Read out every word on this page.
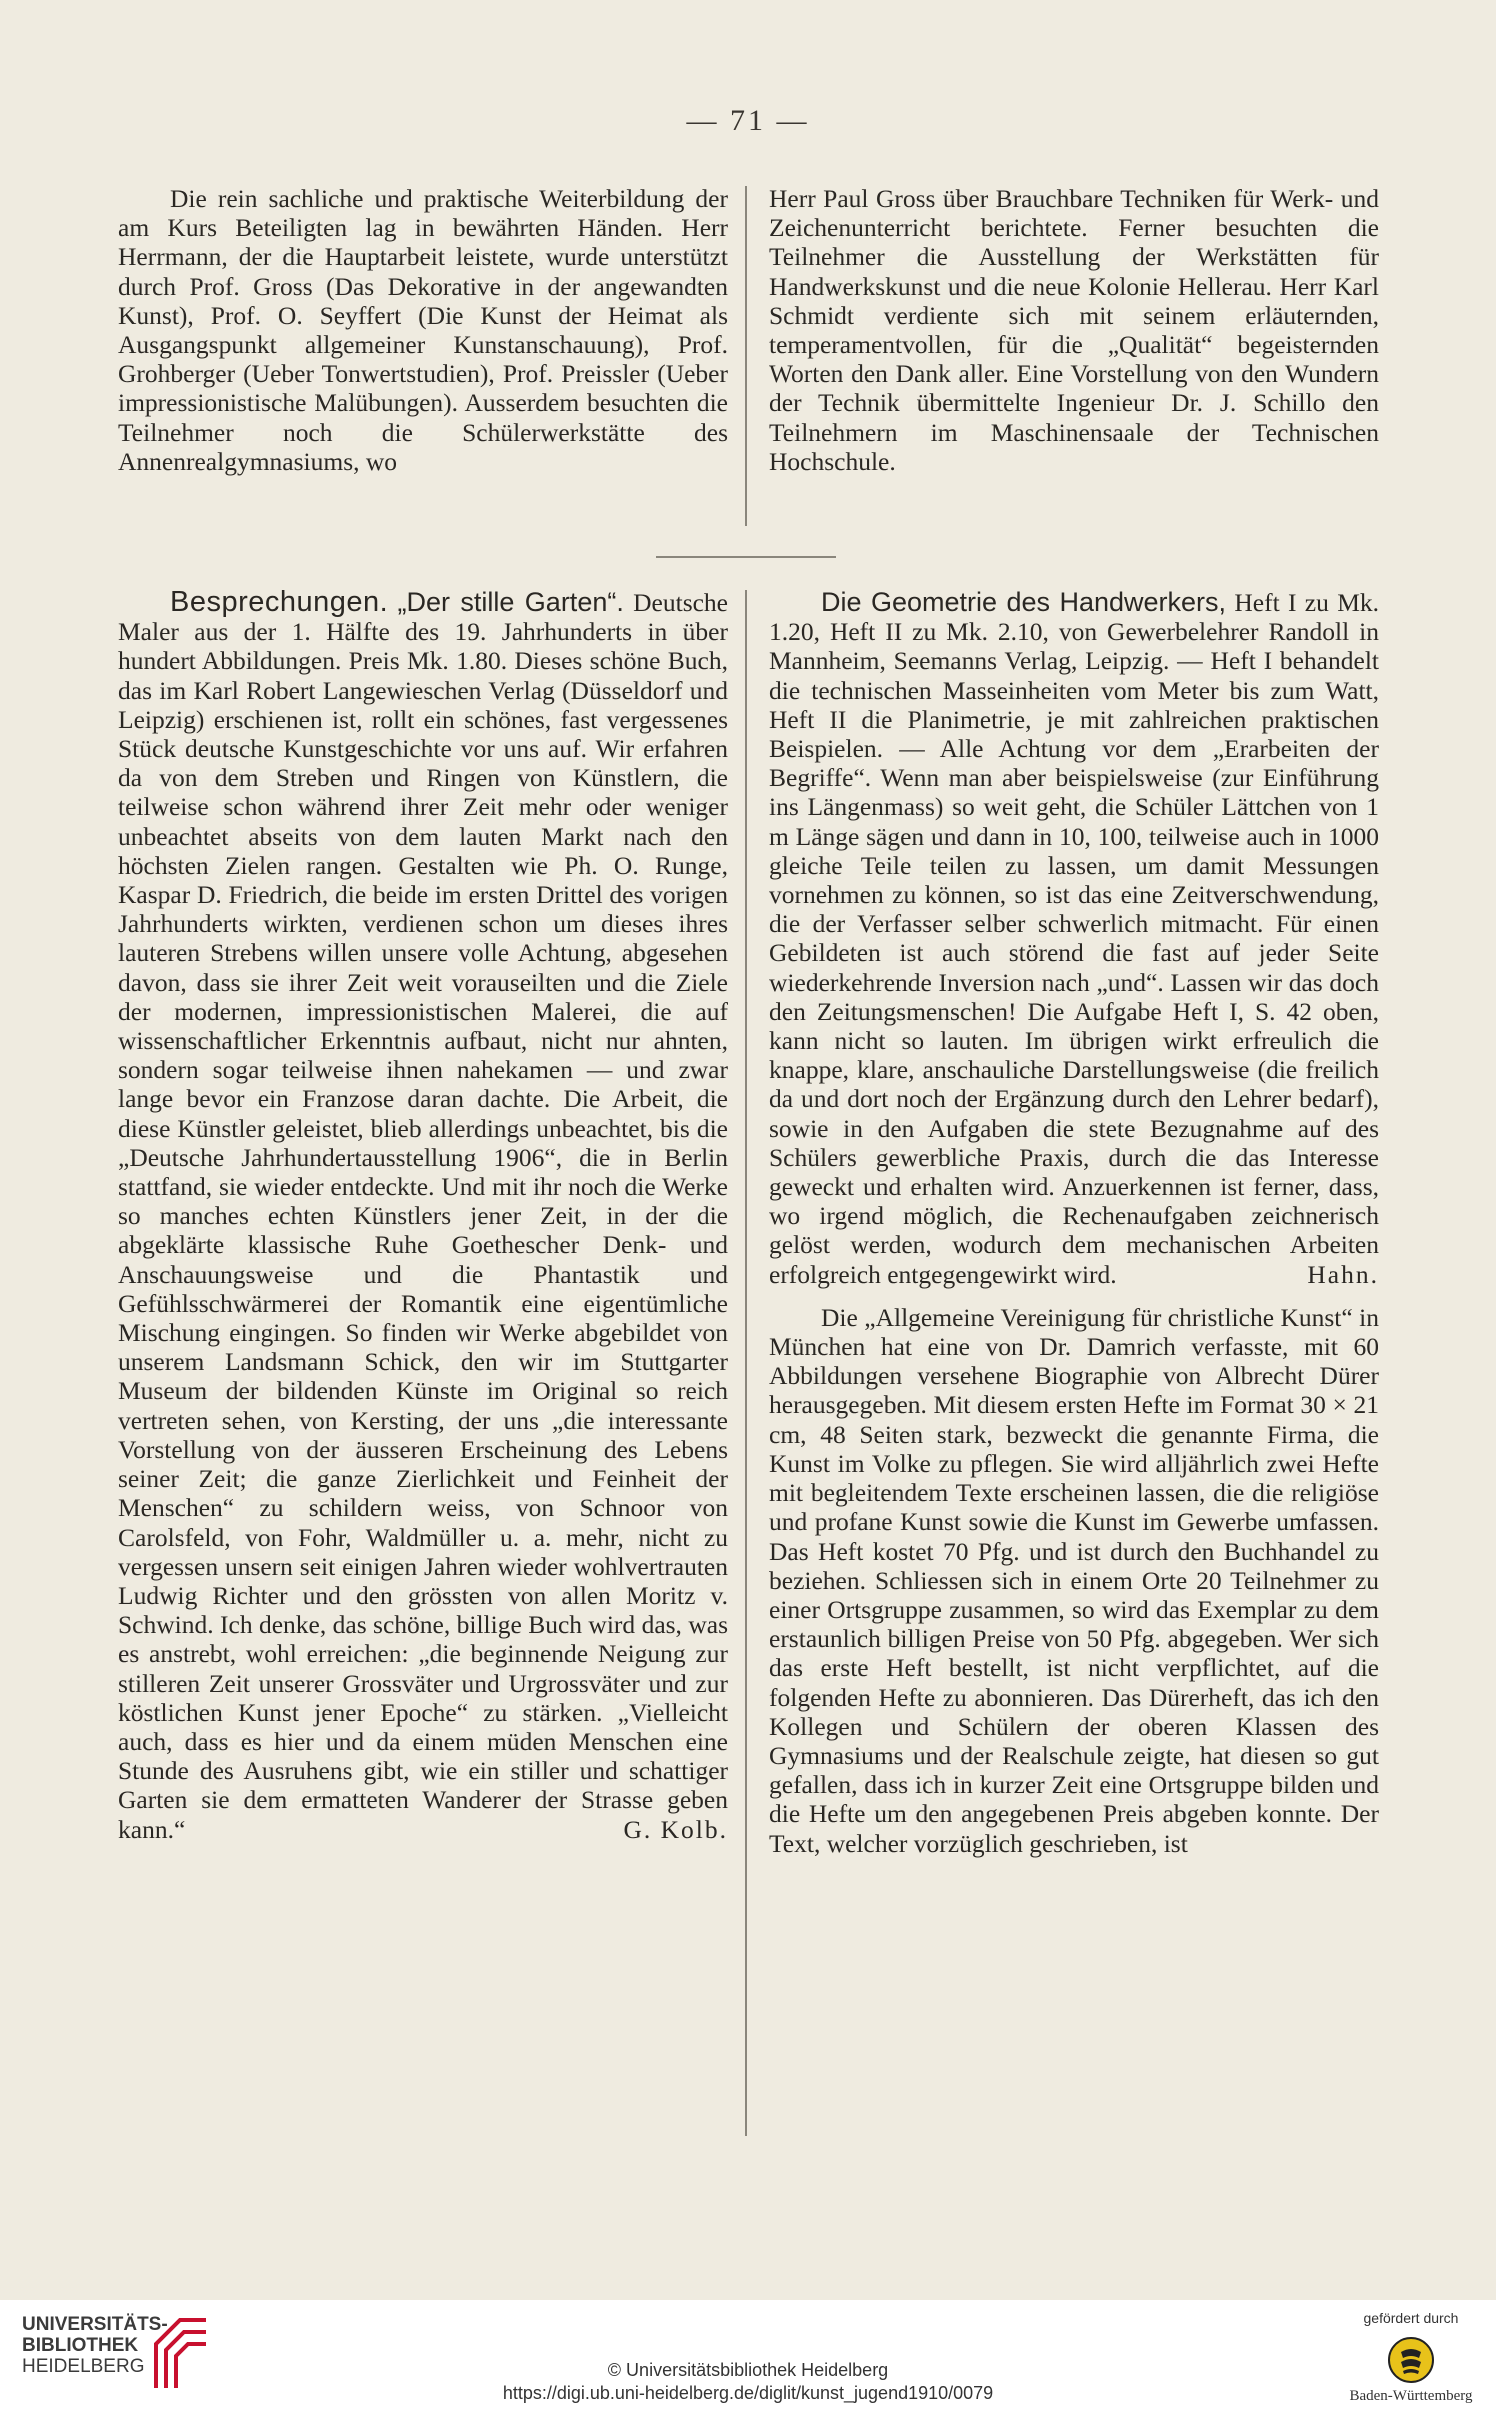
— 71 —

Die rein sachliche und praktische Weiterbildung der am Kurs Beteiligten lag in bewährten Händen. Herr Herrmann, der die Hauptarbeit leistete, wurde unterstützt durch Prof. Gross (Das Dekorative in der angewandten Kunst), Prof. O. Seyffert (Die Kunst der Heimat als Ausgangspunkt allgemeiner Kunstanschauung), Prof. Grohberger (Ueber Tonwertstudien), Prof. Preissler (Ueber impressionistische Malübungen). Ausserdem besuchten die Teilnehmer noch die Schülerwerkstätte des Annenrealgymnasiums, wo

Herr Paul Gross über Brauchbare Techniken für Werk- und Zeichenunterricht berichtete. Ferner besuchten die Teilnehmer die Ausstellung der Werkstätten für Handwerkskunst und die neue Kolonie Hellerau. Herr Karl Schmidt verdiente sich mit seinem erläuternden, temperamentvollen, für die „Qualität“ begeisternden Worten den Dank aller. Eine Vorstellung von den Wundern der Technik übermittelte Ingenieur Dr. J. Schillo den Teilnehmern im Maschinensaale der Technischen Hochschule.

Besprechungen. „Der stille Garten“. Deutsche Maler aus der 1. Hälfte des 19. Jahrhunderts in über hundert Abbildungen. Preis Mk. 1.80. Dieses schöne Buch, das im Karl Robert Langewieschen Verlag (Düsseldorf und Leipzig) erschienen ist, rollt ein schönes, fast vergessenes Stück deutsche Kunstgeschichte vor uns auf. Wir erfahren da von dem Streben und Ringen von Künstlern, die teilweise schon während ihrer Zeit mehr oder weniger unbeachtet abseits von dem lauten Markt nach den höchsten Zielen rangen. Gestalten wie Ph. O. Runge, Kaspar D. Friedrich, die beide im ersten Drittel des vorigen Jahrhunderts wirkten, verdienen schon um dieses ihres lauteren Strebens willen unsere volle Achtung, abgesehen davon, dass sie ihrer Zeit weit vorauseilten und die Ziele der modernen, impressionistischen Malerei, die auf wissenschaftlicher Erkenntnis aufbaut, nicht nur ahnten, sondern sogar teilweise ihnen nahekamen — und zwar lange bevor ein Franzose daran dachte. Die Arbeit, die diese Künstler geleistet, blieb allerdings unbeachtet, bis die „Deutsche Jahrhundertausstellung 1906“, die in Berlin stattfand, sie wieder entdeckte. Und mit ihr noch die Werke so manches echten Künstlers jener Zeit, in der die abgeklärte klassische Ruhe Goethescher Denk- und Anschauungsweise und die Phantastik und Gefühlsschwärmerei der Romantik eine eigentümliche Mischung eingingen. So finden wir Werke abgebildet von unserem Landsmann Schick, den wir im Stuttgarter Museum der bildenden Künste im Original so reich vertreten sehen, von Kersting, der uns „die interessante Vorstellung von der äusseren Erscheinung des Lebens seiner Zeit; die ganze Zierlichkeit und Feinheit der Menschen“ zu schildern weiss, von Schnoor von Carolsfeld, von Fohr, Waldmüller u. a. mehr, nicht zu vergessen unsern seit einigen Jahren wieder wohlvertrauten Ludwig Richter und den grössten von allen Moritz v. Schwind. Ich denke, das schöne, billige Buch wird das, was es anstrebt, wohl erreichen: „die beginnende Neigung zur stilleren Zeit unserer Grossväter und Urgrossväter und zur köstlichen Kunst jener Epoche“ zu stärken. „Vielleicht auch, dass es hier und da einem müden Menschen eine Stunde des Ausruhens gibt, wie ein stiller und schattiger Garten sie dem ermatteten Wanderer der Strasse geben kann.“	G. Kolb.

Die Geometrie des Handwerkers, Heft I zu Mk. 1.20, Heft II zu Mk. 2.10, von Gewerbelehrer Randoll in Mannheim, Seemanns Verlag, Leipzig. — Heft I behandelt die technischen Masseinheiten vom Meter bis zum Watt, Heft II die Planimetrie, je mit zahlreichen praktischen Beispielen. — Alle Achtung vor dem „Erarbeiten der Begriffe“. Wenn man aber beispielsweise (zur Einführung ins Längenmass) so weit geht, die Schüler Lättchen von 1 m Länge sägen und dann in 10, 100, teilweise auch in 1000 gleiche Teile teilen zu lassen, um damit Messungen vornehmen zu können, so ist das eine Zeitverschwendung, die der Verfasser selber schwerlich mitmacht. Für einen Gebildeten ist auch störend die fast auf jeder Seite wiederkehrende Inversion nach „und“. Lassen wir das doch den Zeitungsmenschen! Die Aufgabe Heft I, S. 42 oben, kann nicht so lauten. Im übrigen wirkt erfreulich die knappe, klare, anschauliche Darstellungsweise (die freilich da und dort noch der Ergänzung durch den Lehrer bedarf), sowie in den Aufgaben die stete Bezugnahme auf des Schülers gewerbliche Praxis, durch die das Interesse geweckt und erhalten wird. Anzuerkennen ist ferner, dass, wo irgend möglich, die Rechenaufgaben zeichnerisch gelöst werden, wodurch dem mechanischen Arbeiten erfolgreich entgegengewirkt wird.	Hahn.

Die „Allgemeine Vereinigung für christliche Kunst“ in München hat eine von Dr. Damrich verfasste, mit 60 Abbildungen versehene Biographie von Albrecht Dürer herausgegeben. Mit diesem ersten Hefte im Format 30 × 21 cm, 48 Seiten stark, bezweckt die genannte Firma, die Kunst im Volke zu pflegen. Sie wird alljährlich zwei Hefte mit begleitendem Texte erscheinen lassen, die die religiöse und profane Kunst sowie die Kunst im Gewerbe umfassen. Das Heft kostet 70 Pfg. und ist durch den Buchhandel zu beziehen. Schliessen sich in einem Orte 20 Teilnehmer zu einer Ortsgruppe zusammen, so wird das Exemplar zu dem erstaunlich billigen Preise von 50 Pfg. abgegeben. Wer sich das erste Heft bestellt, ist nicht verpflichtet, auf die folgenden Hefte zu abonnieren. Das Dürerheft, das ich den Kollegen und Schülern der oberen Klassen des Gymnasiums und der Realschule zeigte, hat diesen so gut gefallen, dass ich in kurzer Zeit eine Ortsgruppe bilden und die Hefte um den angegebenen Preis abgeben konnte. Der Text, welcher vorzüglich geschrieben, ist

UNIVERSITÄTS-
BIBLIOTHEK
HEIDELBERG	© Universitätsbibliothek Heidelberg
https://digi.ub.uni-heidelberg.de/diglit/kunst_jugend1910/0079
gefördert durch
Baden-Württemberg
